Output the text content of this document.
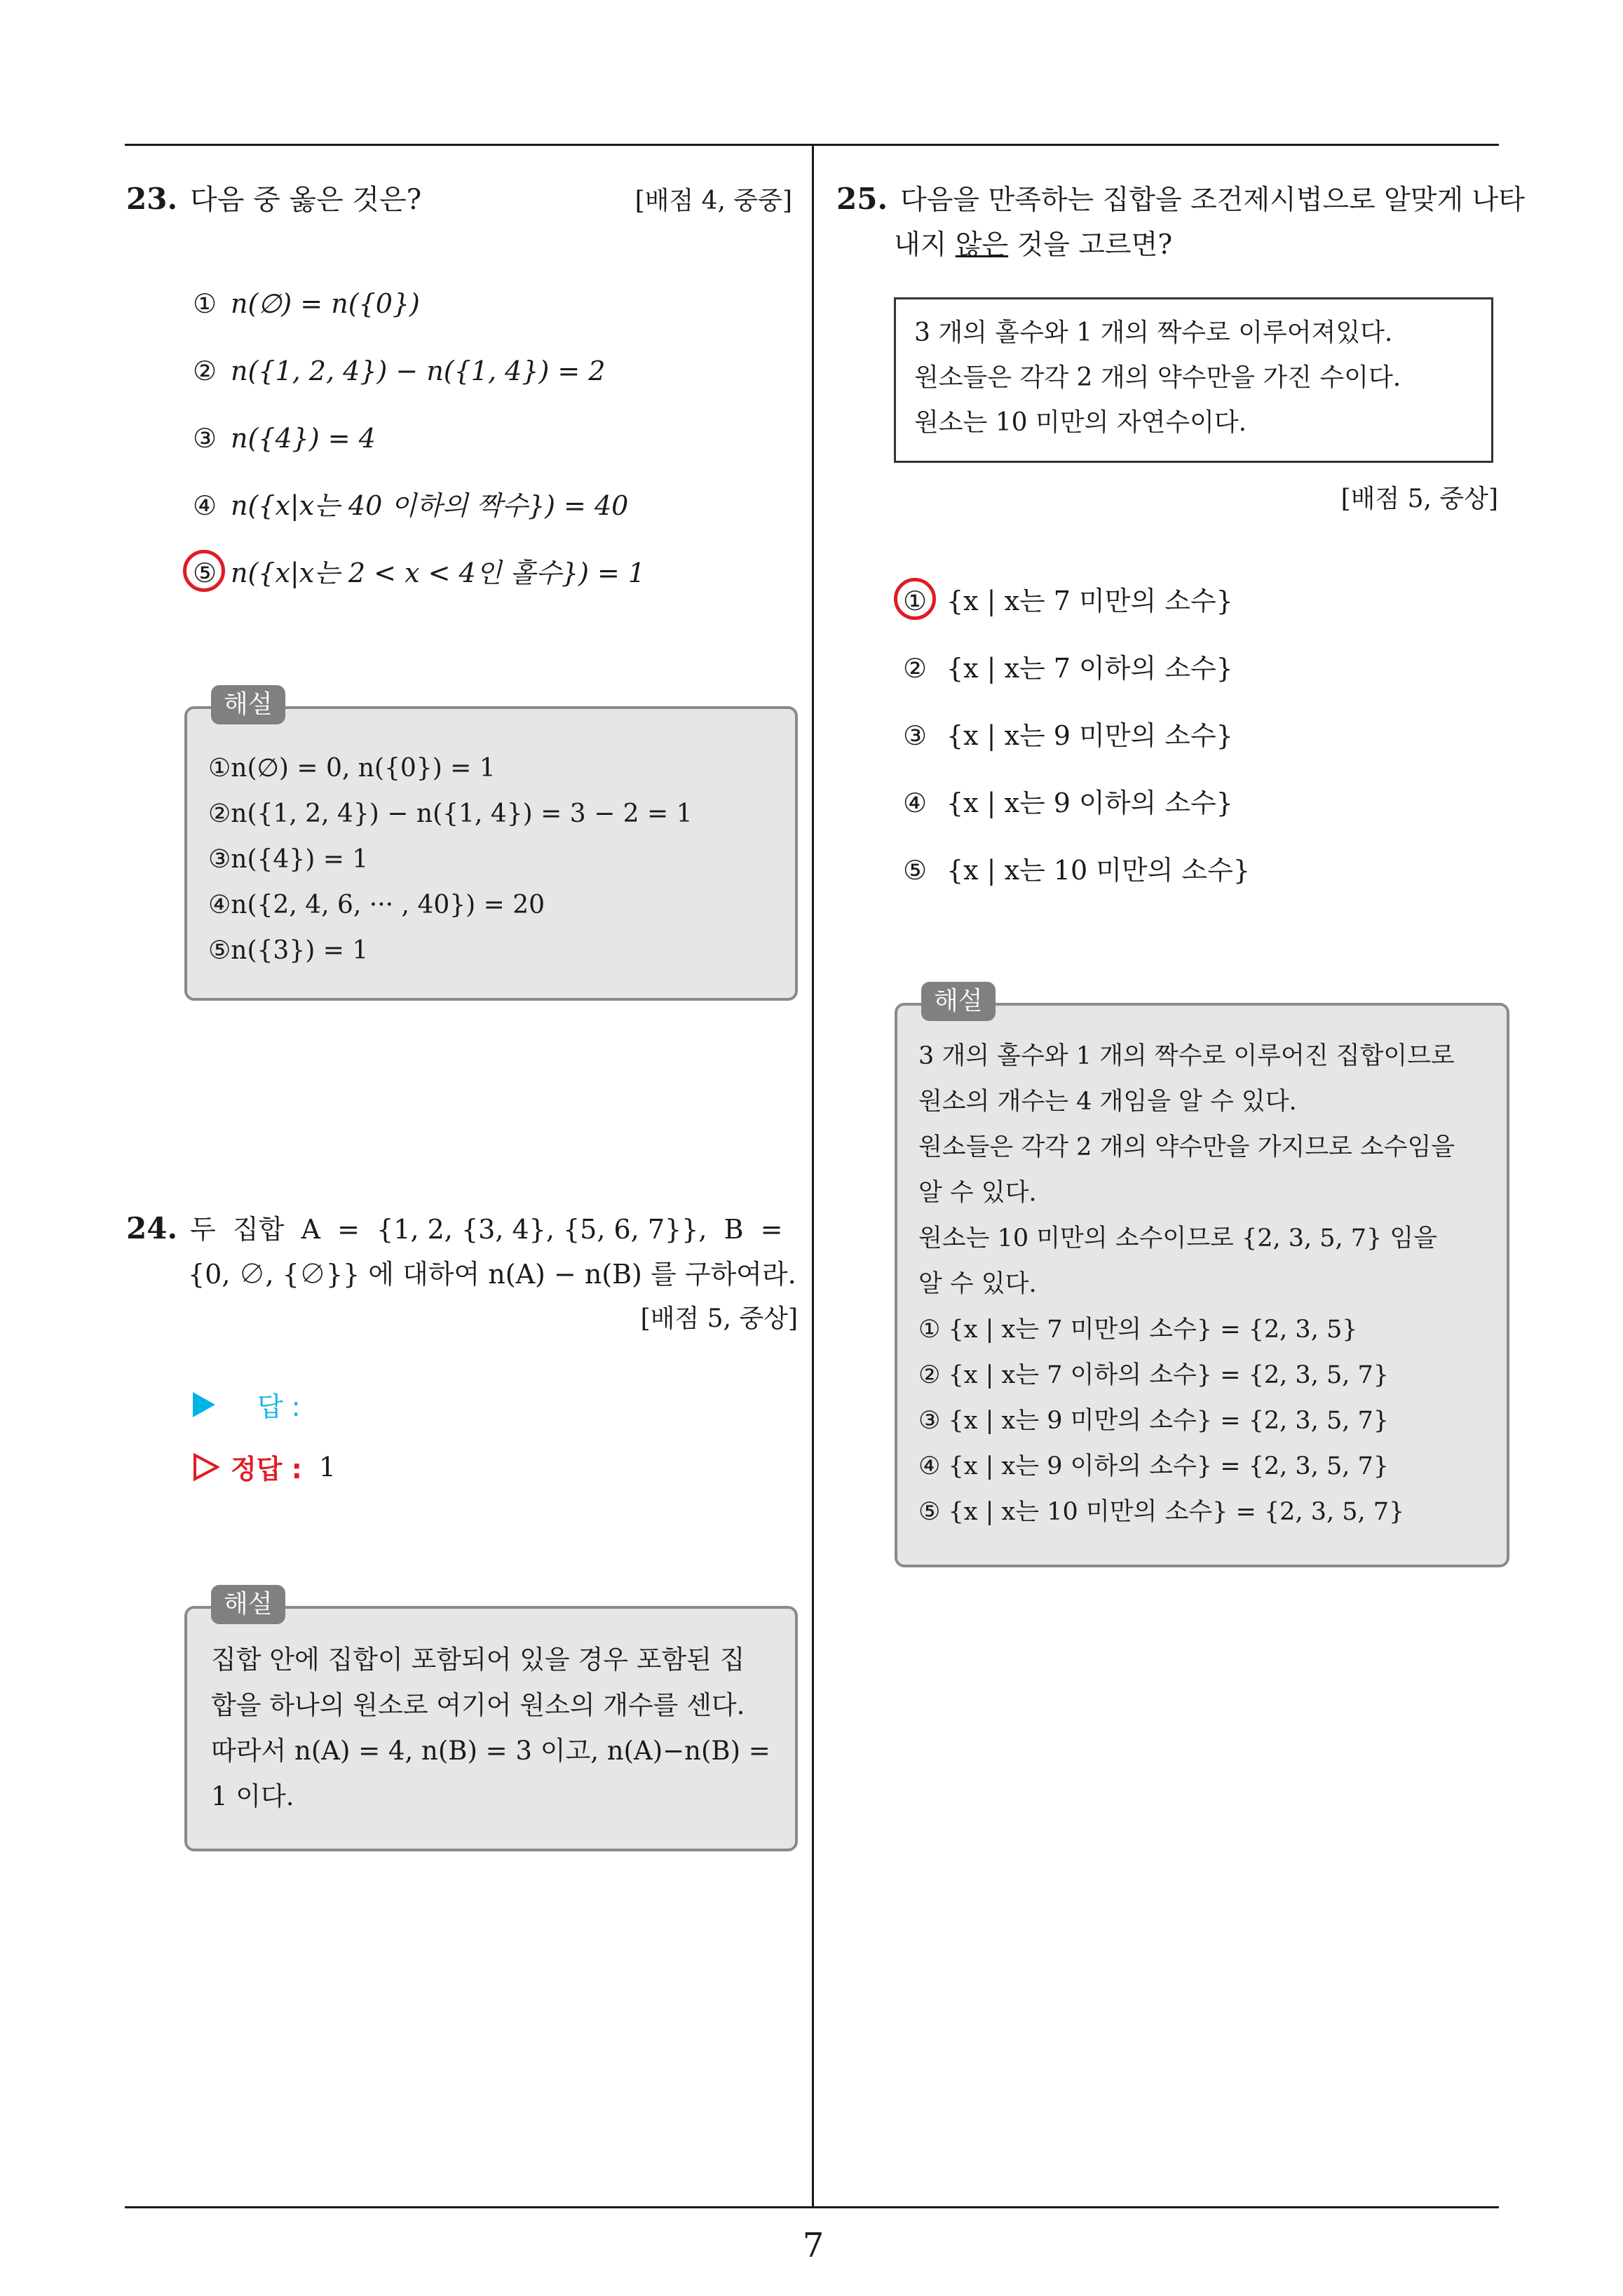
23. 다음 중 옳은 것은?	[배점 4, 중중]
① n(∅) = n({0})
② n({1, 2, 4}) − n({1, 4}) = 2
③ n({4}) = 4
④ n({x|x는 40 이하의 짝수}) = 40
⑤ n({x|x는 2 < x < 4인 홀수}) = 1
해설
①n(∅) = 0, n({0}) = 1
②n({1, 2, 4}) − n({1, 4}) = 3 − 2 = 1
③n({4}) = 1
④n({2, 4, 6, ··· , 40}) = 20
⑤n({3}) = 1
24. 두  집합  A  =  {1, 2, {3, 4}, {5, 6, 7}},  B  =
{0, ∅, {∅}} 에 대하여 n(A) − n(B) 를 구하여라.
[배점 5, 중상]
답 :
정답 : 1
해설
집합 안에 집합이 포함되어 있을 경우 포함된 집
합을 하나의 원소로 여기어 원소의 개수를 센다.
따라서 n(A) = 4, n(B) = 3 이고, n(A)−n(B) =
1 이다.
25. 다음을 만족하는 집합을 조건제시법으로 알맞게 나타
내지 않은 것을 고르면?
3 개의 홀수와 1 개의 짝수로 이루어져있다.
원소들은 각각 2 개의 약수만을 가진 수이다.
원소는 10 미만의 자연수이다.
[배점 5, 중상]
① {x | x는 7 미만의 소수}
② {x | x는 7 이하의 소수}
③ {x | x는 9 미만의 소수}
④ {x | x는 9 이하의 소수}
⑤ {x | x는 10 미만의 소수}
해설
3 개의 홀수와 1 개의 짝수로 이루어진 집합이므로
원소의 개수는 4 개임을 알 수 있다.
원소들은 각각 2 개의 약수만을 가지므로 소수임을
알 수 있다.
원소는 10 미만의 소수이므로 {2, 3, 5, 7} 임을
알 수 있다.
① {x | x는 7 미만의 소수} = {2, 3, 5}
② {x | x는 7 이하의 소수} = {2, 3, 5, 7}
③ {x | x는 9 미만의 소수} = {2, 3, 5, 7}
④ {x | x는 9 이하의 소수} = {2, 3, 5, 7}
⑤ {x | x는 10 미만의 소수} = {2, 3, 5, 7}
7
